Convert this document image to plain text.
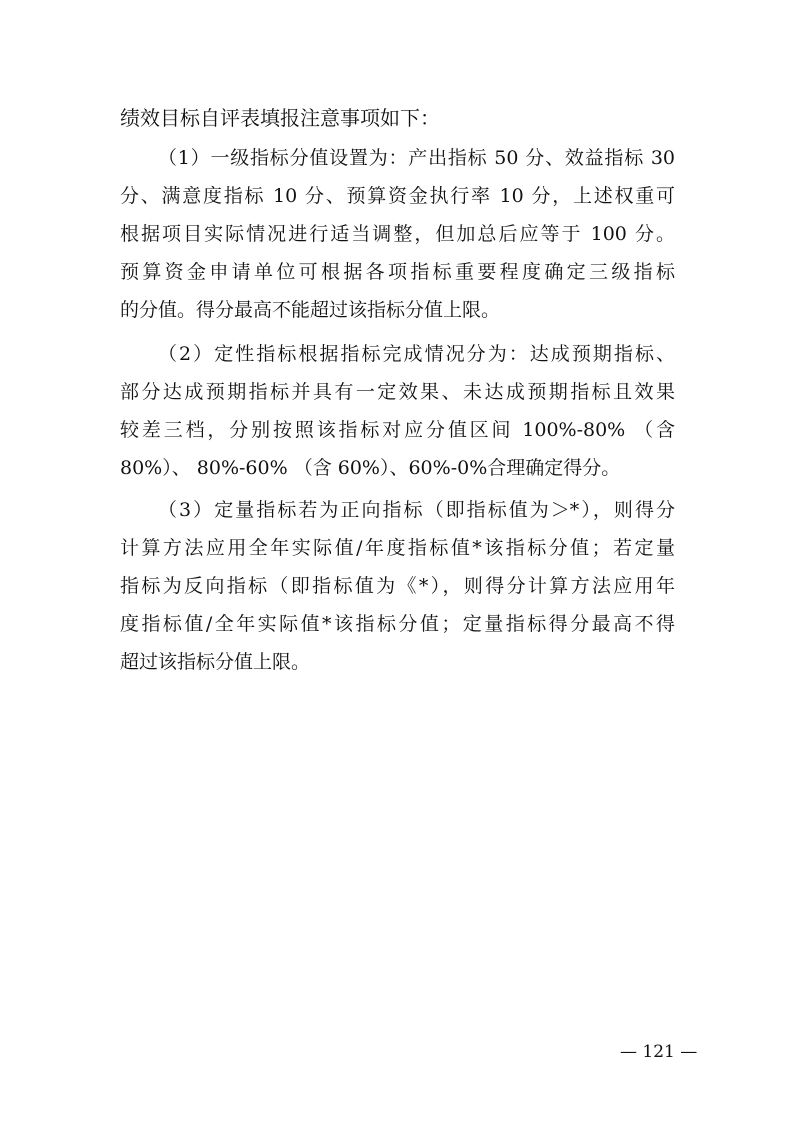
绩效目标自评表填报注意事项如下：
（1）一级指标分值设置为：产出指标 50 分、效益指标 30
分、满意度指标 10 分、预算资金执行率 10 分，上述权重可
根据项目实际情况进行适当调整，但加总后应等于 100 分。
预算资金申请单位可根据各项指标重要程度确定三级指标
的分值。得分最高不能超过该指标分值上限。
（2）定性指标根据指标完成情况分为：达成预期指标、
部分达成预期指标并具有一定效果、未达成预期指标且效果
较差三档，分别按照该指标对应分值区间 100%-80% （含
80%）、 80%-60% （含 60%）、60%-0%合理确定得分。
（3）定量指标若为正向指标（即指标值为＞*），则得分
计算方法应用全年实际值/年度指标值*该指标分值；若定量
指标为反向指标（即指标值为《*），则得分计算方法应用年
度指标值/全年实际值*该指标分值；定量指标得分最高不得
超过该指标分值上限。
— 121 —
